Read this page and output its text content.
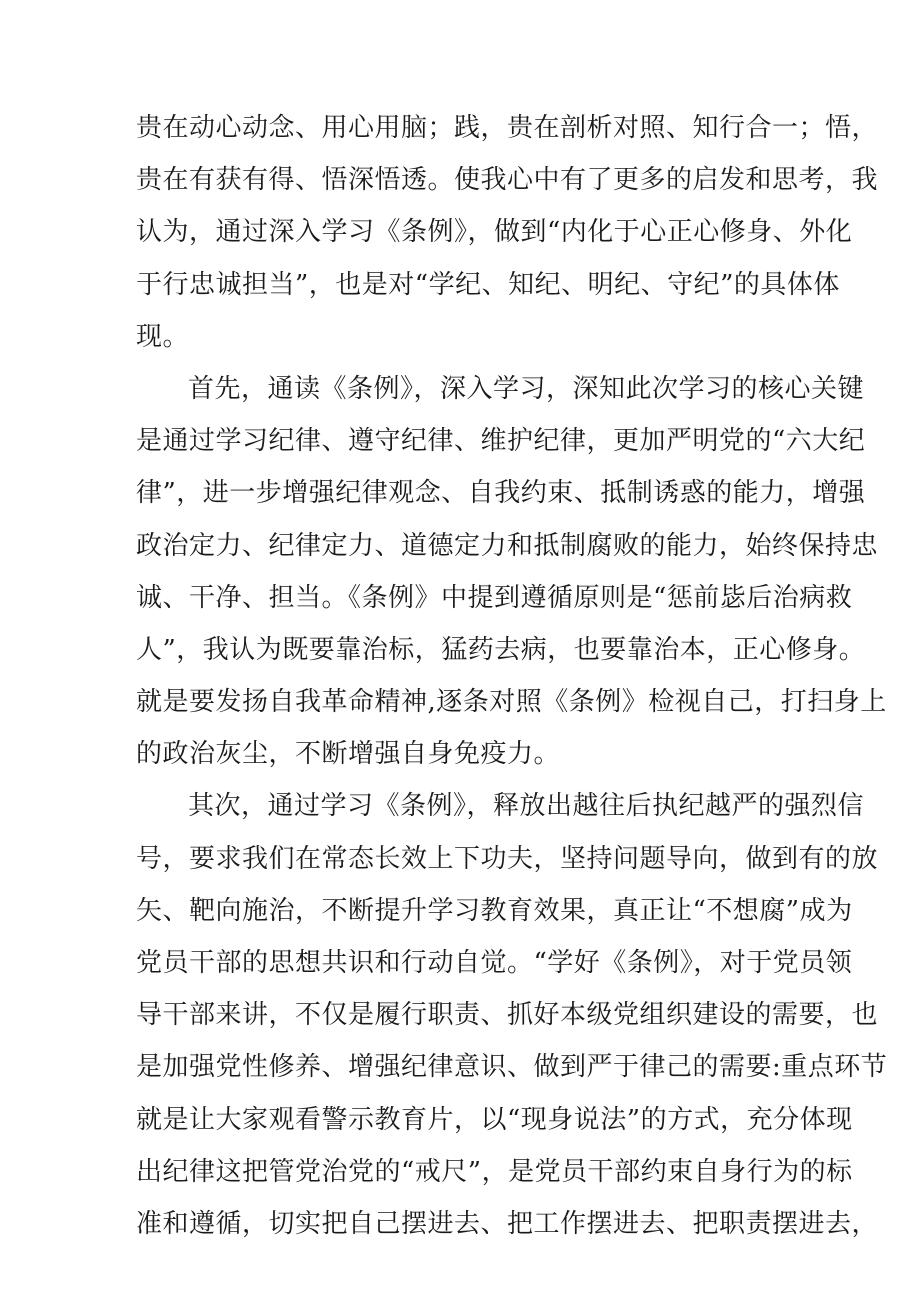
贵在动心动念、用心用脑；践，贵在剖析对照、知行合一；悟，
贵在有获有得、悟深悟透。使我心中有了更多的启发和思考，我
认为，通过深入学习《条例》，做到“内化于心正心修身、外化
于行忠诚担当”，也是对“学纪、知纪、明纪、守纪”的具体体
现。
首先，通读《条例》，深入学习，深知此次学习的核心关键
是通过学习纪律、遵守纪律、维护纪律，更加严明党的“六大纪
律”，进一步增强纪律观念、自我约束、抵制诱惑的能力，增强
政治定力、纪律定力、道德定力和抵制腐败的能力，始终保持忠
诚、干净、担当。《条例》中提到遵循原则是“惩前毖后治病救
人”，我认为既要靠治标，猛药去病，也要靠治本，正心修身。
就是要发扬自我革命精神,逐条对照《条例》检视自己，打扫身上
的政治灰尘，不断增强自身免疫力。
其次，通过学习《条例》，释放出越往后执纪越严的强烈信
号，要求我们在常态长效上下功夫，坚持问题导向，做到有的放
矢、靶向施治，不断提升学习教育效果，真正让“不想腐”成为
党员干部的思想共识和行动自觉。“学好《条例》，对于党员领
导干部来讲，不仅是履行职责、抓好本级党组织建设的需要，也
是加强党性修养、增强纪律意识、做到严于律己的需要:重点环节
就是让大家观看警示教育片，以“现身说法”的方式，充分体现
出纪律这把管党治党的“戒尺”，是党员干部约束自身行为的标
准和遵循，切实把自己摆进去、把工作摆进去、把职责摆进去，
